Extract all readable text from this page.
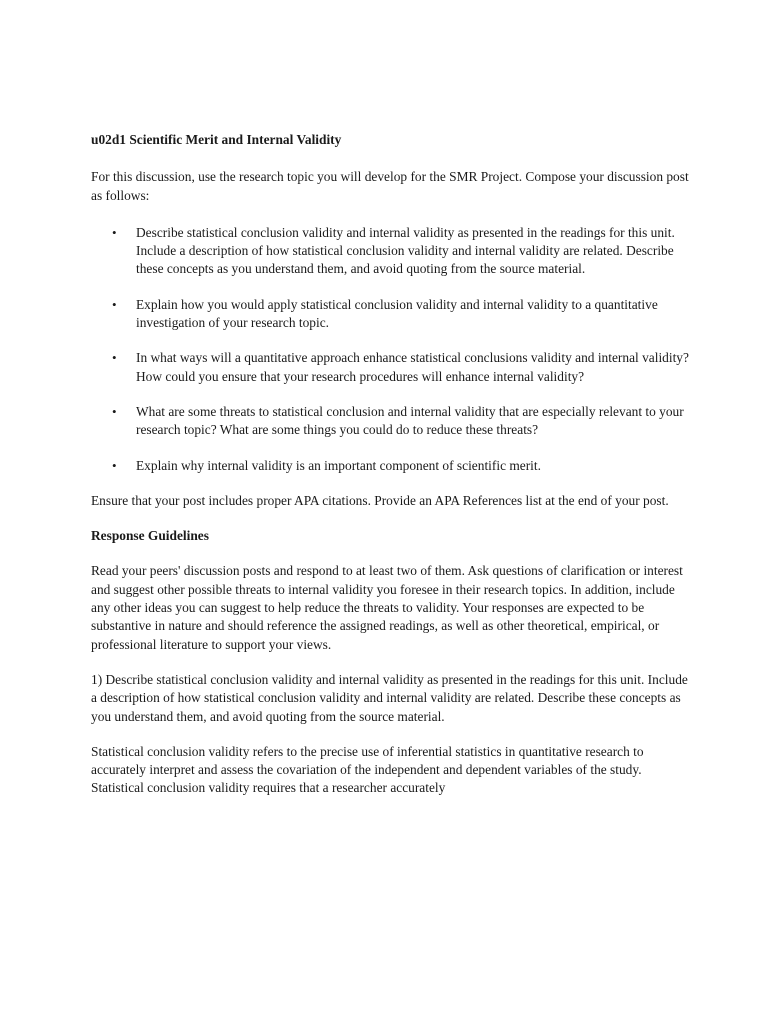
u02d1 Scientific Merit and Internal Validity

For this discussion, use the research topic you will develop for the SMR Project. Compose your discussion post as follows:

• Describe statistical conclusion validity and internal validity as presented in the readings for this unit. Include a description of how statistical conclusion validity and internal validity are related. Describe these concepts as you understand them, and avoid quoting from the source material.
• Explain how you would apply statistical conclusion validity and internal validity to a quantitative investigation of your research topic.
• In what ways will a quantitative approach enhance statistical conclusions validity and internal validity? How could you ensure that your research procedures will enhance internal validity?
• What are some threats to statistical conclusion and internal validity that are especially relevant to your research topic? What are some things you could do to reduce these threats?
• Explain why internal validity is an important component of scientific merit.

Ensure that your post includes proper APA citations. Provide an APA References list at the end of your post.

Response Guidelines

Read your peers' discussion posts and respond to at least two of them. Ask questions of clarification or interest and suggest other possible threats to internal validity you foresee in their research topics. In addition, include any other ideas you can suggest to help reduce the threats to validity. Your responses are expected to be substantive in nature and should reference the assigned readings, as well as other theoretical, empirical, or professional literature to support your views.

1) Describe statistical conclusion validity and internal validity as presented in the readings for this unit. Include a description of how statistical conclusion validity and internal validity are related. Describe these concepts as you understand them, and avoid quoting from the source material.

Statistical conclusion validity refers to the precise use of inferential statistics in quantitative research to accurately interpret and assess the covariation of the independent and dependent variables of the study. Statistical conclusion validity requires that a researcher accurately
